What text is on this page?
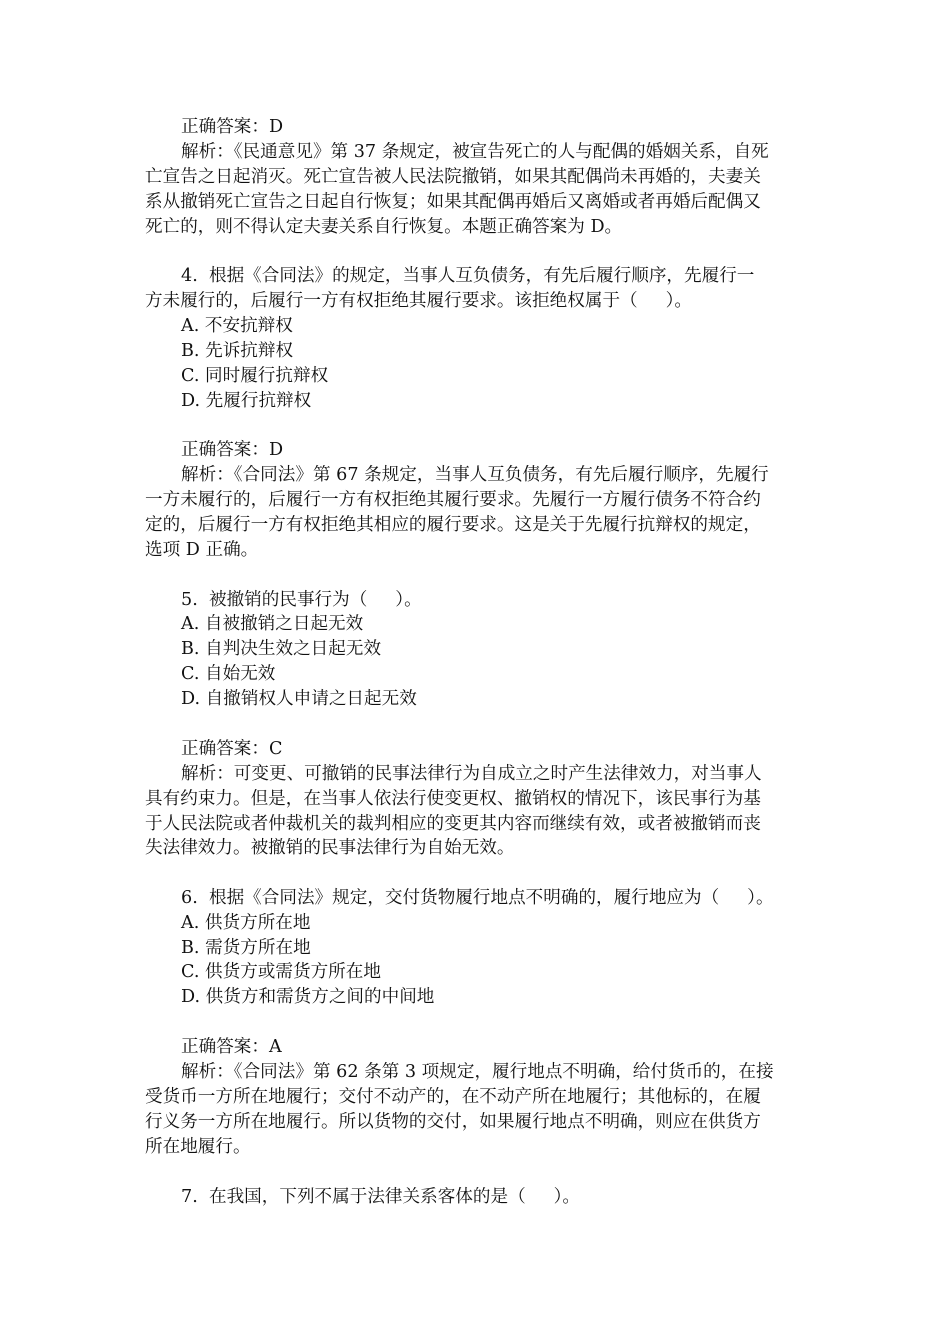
正确答案：D
解析：《民通意见》第 37 条规定，被宣告死亡的人与配偶的婚姻关系，自死
亡宣告之日起消灭。死亡宣告被人民法院撤销，如果其配偶尚未再婚的，夫妻关
系从撤销死亡宣告之日起自行恢复；如果其配偶再婚后又离婚或者再婚后配偶又
死亡的，则不得认定夫妻关系自行恢复。本题正确答案为 D。
4.  根据《合同法》的规定，当事人互负债务，有先后履行顺序，先履行一
方未履行的，后履行一方有权拒绝其履行要求。该拒绝权属于（     ）。
A. 不安抗辩权
B. 先诉抗辩权
C. 同时履行抗辩权
D. 先履行抗辩权
正确答案：D
解析：《合同法》第 67 条规定，当事人互负债务，有先后履行顺序，先履行
一方未履行的，后履行一方有权拒绝其履行要求。先履行一方履行债务不符合约
定的，后履行一方有权拒绝其相应的履行要求。这是关于先履行抗辩权的规定，
选项 D 正确。
5.  被撤销的民事行为（     ）。
A. 自被撤销之日起无效
B. 自判决生效之日起无效
C. 自始无效
D. 自撤销权人申请之日起无效
正确答案：C
解析：可变更、可撤销的民事法律行为自成立之时产生法律效力，对当事人
具有约束力。但是，在当事人依法行使变更权、撤销权的情况下，该民事行为基
于人民法院或者仲裁机关的裁判相应的变更其内容而继续有效，或者被撤销而丧
失法律效力。被撤销的民事法律行为自始无效。
6.  根据《合同法》规定，交付货物履行地点不明确的，履行地应为（     ）。
A. 供货方所在地
B. 需货方所在地
C. 供货方或需货方所在地
D. 供货方和需货方之间的中间地
正确答案：A
解析：《合同法》第 62 条第 3 项规定，履行地点不明确，给付货币的，在接
受货币一方所在地履行；交付不动产的，在不动产所在地履行；其他标的，在履
行义务一方所在地履行。所以货物的交付，如果履行地点不明确，则应在供货方
所在地履行。
7.  在我国，下列不属于法律关系客体的是（     ）。
